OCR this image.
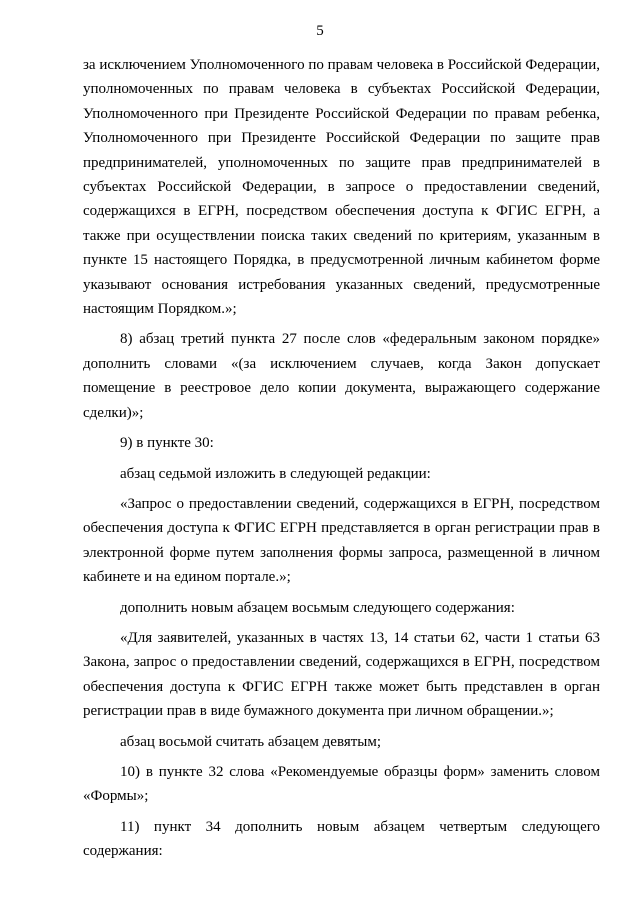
5

за исключением Уполномоченного по правам человека в Российской Федерации, уполномоченных по правам человека в субъектах Российской Федерации, Уполномоченного при Президенте Российской Федерации по правам ребенка, Уполномоченного при Президенте Российской Федерации по защите прав предпринимателей, уполномоченных по защите прав предпринимателей в субъектах Российской Федерации, в запросе о предоставлении сведений, содержащихся в ЕГРН, посредством обеспечения доступа к ФГИС ЕГРН, а также при осуществлении поиска таких сведений по критериям, указанным в пункте 15 настоящего Порядка, в предусмотренной личным кабинетом форме указывают основания истребования указанных сведений, предусмотренные настоящим Порядком.»;

8) абзац третий пункта 27 после слов «федеральным законом порядке» дополнить словами «(за исключением случаев, когда Закон допускает помещение в реестровое дело копии документа, выражающего содержание сделки)»;

9) в пункте 30:

абзац седьмой изложить в следующей редакции:

«Запрос о предоставлении сведений, содержащихся в ЕГРН, посредством обеспечения доступа к ФГИС ЕГРН представляется в орган регистрации прав в электронной форме путем заполнения формы запроса, размещенной в личном кабинете и на едином портале.»;

дополнить новым абзацем восьмым следующего содержания:

«Для заявителей, указанных в частях 13, 14 статьи 62, части 1 статьи 63 Закона, запрос о предоставлении сведений, содержащихся в ЕГРН, посредством обеспечения доступа к ФГИС ЕГРН также может быть представлен в орган регистрации прав в виде бумажного документа при личном обращении.»;

абзац восьмой считать абзацем девятым;

10) в пункте 32 слова «Рекомендуемые образцы форм» заменить словом «Формы»;

11) пункт 34 дополнить новым абзацем четвертым следующего содержания:
